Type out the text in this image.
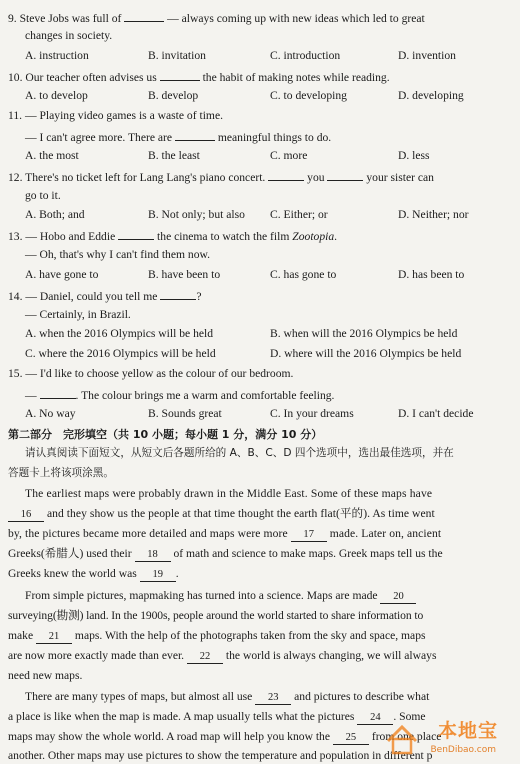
9. Steve Jobs was full of	— always coming up with new ideas which led to great
changes in society.
A. instruction	B. invitation	C. introduction	D. invention
10. Our teacher often advises us	the habit of making notes while reading.
A. to develop	B. develop	C. to developing	D. developing
11. — Playing video games is a waste of time.
— I can't agree more. There are	meaningful things to do.
A. the most	B. the least	C. more	D. less
12. There's no ticket left for Lang Lang's piano concert.	you	your sister can
go to it.
A. Both; and	B. Not only; but also C. Either; or	D. Neither; nor
13. — Hobo and Eddie	the cinema to watch the film Zootopia.
— Oh, that's why I can't find them now.
A. have gone to	B. have been to	C. has gone to	D. has been to
14. — Daniel, could you tell me	?
— Certainly, in Brazil.
A. when the 2016 Olympics will be held	B. when will the 2016 Olympics be held
C. where the 2016 Olympics will be held	D. where will the 2016 Olympics be held
15. — I'd like to choose yellow as the colour of our bedroom.
—	. The colour brings me a warm and comfortable feeling.
A. No way	B. Sounds great	C. In your dreams	D. I can't decide
第二部分　完形填空（共 10 小题；每小题 1 分，满分 10 分）
请认真阅读下面短文，从短文后各题所给的 A、B、C、D 四个选项中，选出最佳选项，并在
答题卡上将该项涂黑。
The earliest maps were probably drawn in the Middle East. Some of these maps have
16 and they show us the people at that time thought the earth flat(平的). As time went
by, the pictures became more detailed and maps were more 17 made. Later on, ancient
Greeks(希腊人) used their 18 of math and science to make maps. Greek maps tell us the
Greeks knew the world was 19 .
From simple pictures, mapmaking has turned into a science. Maps are made 20
surveying(勘测) land. In the 1900s, people around the world started to share information to
make 21 maps. With the help of the photographs taken from the sky and space, maps
are now more exactly made than ever. 22 the world is always changing, we will always
need new maps.
There are many types of maps, but almost all use 23 and pictures to describe what
a place is like when the map is made. A map usually tells what the pictures 24 . Some
maps may show the whole world. A road map will help you know the 25 from one place
another. Other maps may use pictures to show the temperature and population in different p
本地宝
BenDibao.com
